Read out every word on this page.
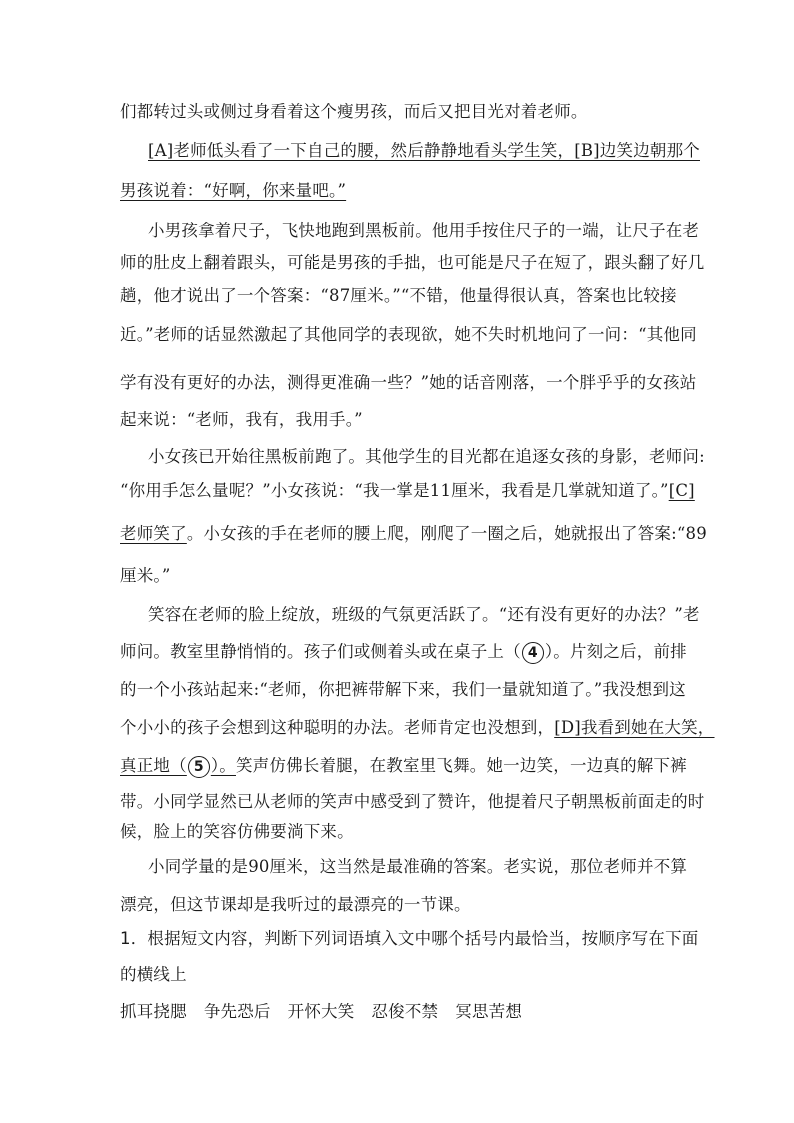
们都转过头或侧过身看着这个瘦男孩，而后又把目光对着老师。
[A]老师低头看了一下自己的腰，然后静静地看头学生笑，[B]边笑边朝那个
男孩说着：“好啊，你来量吧。”
小男孩拿着尺子，飞快地跑到黑板前。他用手按住尺子的一端，让尺子在老
师的肚皮上翻着跟头，可能是男孩的手拙，也可能是尺子在短了，跟头翻了好几
趟，他才说出了一个答案：“87厘米。”“不错，他量得很认真，答案也比较接
近。”老师的话显然激起了其他同学的表现欲，她不失时机地问了一问：“其他同
学有没有更好的办法，测得更准确一些？”她的话音刚落，一个胖乎乎的女孩站
起来说：“老师，我有，我用手。”
小女孩已开始往黑板前跑了。其他学生的目光都在追逐女孩的身影，老师问:
“你用手怎么量呢？”小女孩说：“我一掌是11厘米，我看是几掌就知道了。”[C]
老师笑了。小女孩的手在老师的腰上爬，刚爬了一圈之后，她就报出了答案:“89
厘米。”
笑容在老师的脸上绽放，班级的气氛更活跃了。“还有没有更好的办法？”老
师问。教室里静悄悄的。孩子们或侧着头或在桌子上（ 4 ）。片刻之后，前排
的一个小孩站起来:“老师，你把裤带解下来，我们一量就知道了。”我没想到这
个小小的孩子会想到这种聪明的办法。老师肯定也没想到，[D]我看到她在大笑，
真正地（ 5 ）。笑声仿佛长着腿，在教室里飞舞。她一边笑，一边真的解下裤
带。小同学显然已从老师的笑声中感受到了赞许，他提着尺子朝黑板前面走的时
候，脸上的笑容仿佛要淌下来。
小同学量的是90厘米，这当然是最准确的答案。老实说，那位老师并不算
漂亮，但这节课却是我听过的最漂亮的一节课。
1．根据短文内容，判断下列词语填入文中哪个括号内最恰当，按顺序写在下面
的横线上
抓耳挠腮 争先恐后 开怀大笑 忍俊不禁 冥思苦想
